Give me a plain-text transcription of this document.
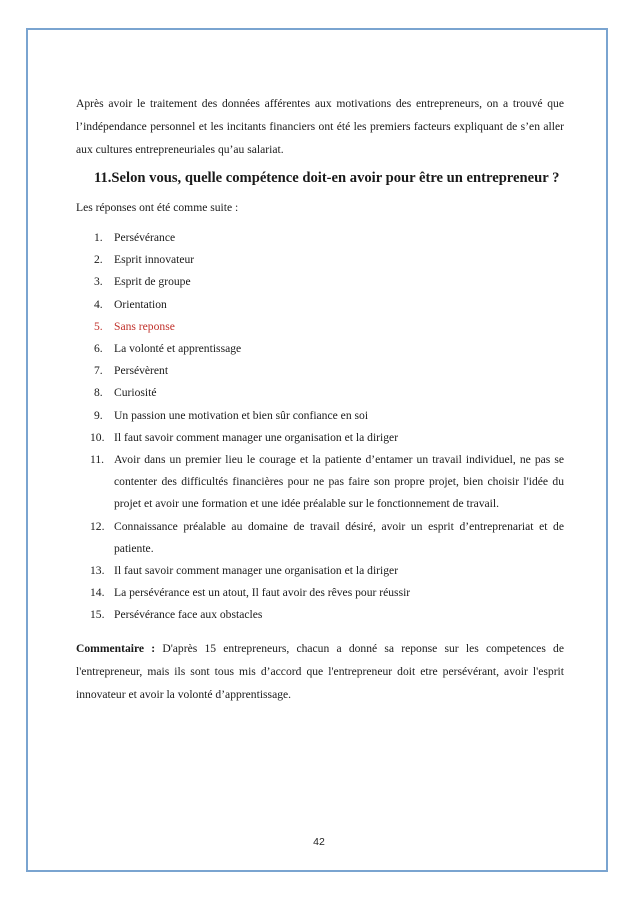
Après avoir le traitement des données afférentes aux motivations des entrepreneurs, on a trouvé que l’indépendance personnel et les incitants financiers ont été les premiers facteurs expliquant de s’en aller aux cultures entrepreneuriales qu’au salariat.

11.Selon vous, quelle compétence doit-en avoir pour être un entrepreneur ?

Les réponses ont été comme suite :

1. Persévérance
2. Esprit innovateur
3. Esprit de groupe
4. Orientation
5. Sans reponse
6. La volonté et apprentissage
7. Persévèrent
8. Curiosité
9. Un passion une motivation et bien sûr confiance en soi
10. Il faut savoir comment manager une organisation et la diriger
11. Avoir dans un premier lieu le courage et la patiente d’entamer un travail individuel, ne pas se contenter des difficultés financières pour ne pas faire son propre projet, bien choisir l'idée du projet et avoir une formation et une idée préalable sur le fonctionnement de travail.
12. Connaissance préalable au domaine de travail désiré, avoir un esprit d’entreprenariat et de patiente.
13. Il faut savoir comment manager une organisation et la diriger
14. La persévérance est un atout, Il faut avoir des rêves pour réussir
15. Persévérance face aux obstacles

Commentaire : D'après 15 entrepreneurs, chacun a donné sa reponse sur les competences de l'entrepreneur, mais ils sont tous mis d’accord que l'entrepreneur doit etre persévérant, avoir l'esprit innovateur et avoir la volonté d’apprentissage.

42
